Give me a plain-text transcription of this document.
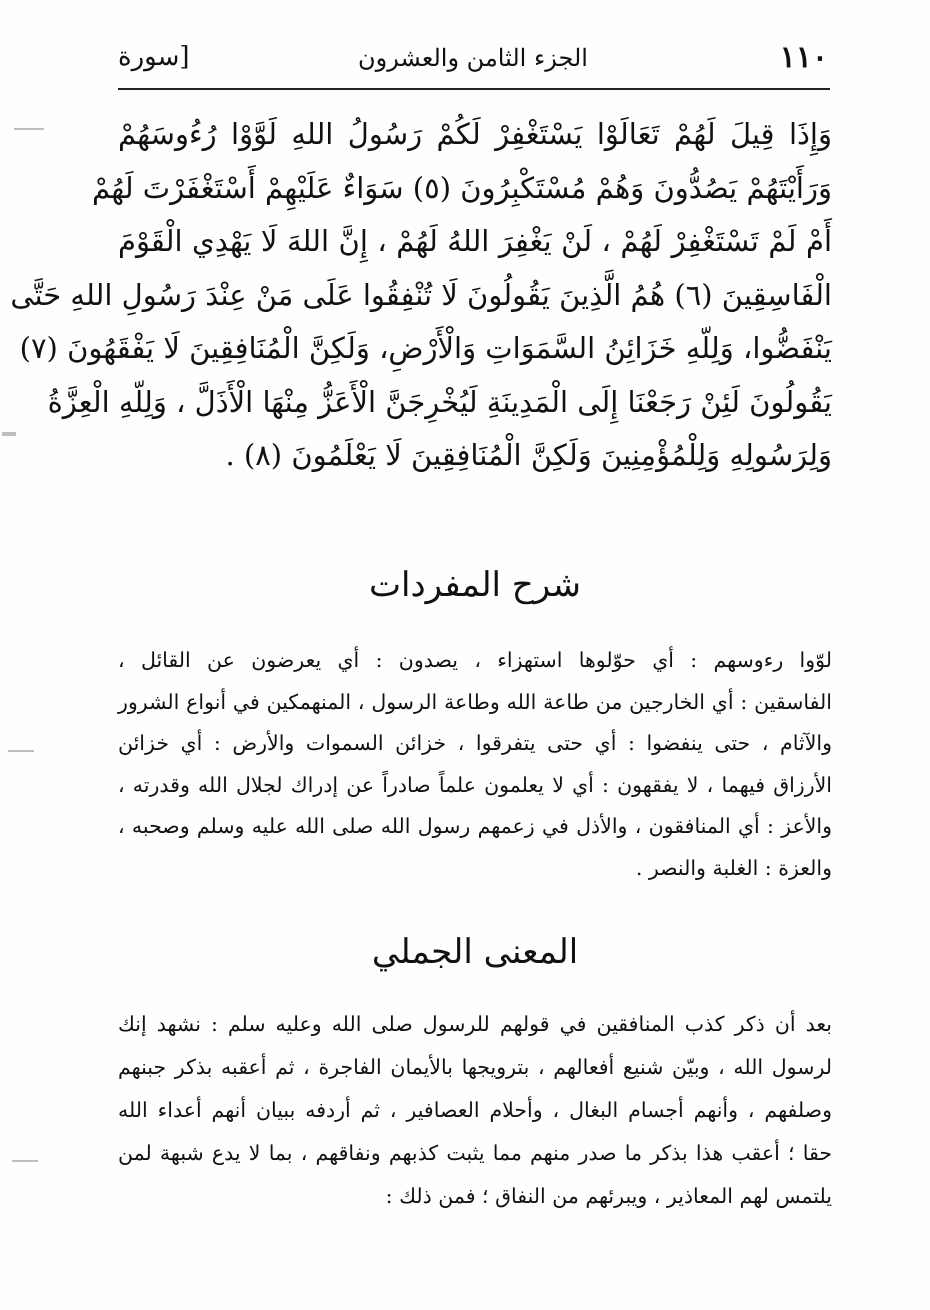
١١٠
الجزء الثامن والعشرون
[سورة
وَإِذَا قِيلَ لَهُمْ تَعَالَوْا يَسْتَغْفِرْ لَكُمْ رَسُولُ اللهِ لَوَّوْا رُءُوسَهُمْ
وَرَأَيْتَهُمْ يَصُدُّونَ وَهُمْ مُسْتَكْبِرُونَ (٥) سَوَاءٌ عَلَيْهِمْ أَسْتَغْفَرْتَ لَهُمْ
أَمْ لَمْ تَسْتَغْفِرْ لَهُمْ ، لَنْ يَغْفِرَ اللهُ لَهُمْ ، إِنَّ اللهَ لَا يَهْدِي الْقَوْمَ
الْفَاسِقِينَ (٦) هُمُ الَّذِينَ يَقُولُونَ لَا تُنْفِقُوا عَلَى مَنْ عِنْدَ رَسُولِ اللهِ حَتَّى
يَنْفَضُّوا، وَلِلّهِ خَزَائِنُ السَّمَوَاتِ وَالْأَرْضِ، وَلَكِنَّ الْمُنَافِقِينَ لَا يَفْقَهُونَ (٧)
يَقُولُونَ لَئِنْ رَجَعْنَا إِلَى الْمَدِينَةِ لَيُخْرِجَنَّ الْأَعَزُّ مِنْهَا الْأَذَلَّ ، وَلِلّهِ الْعِزَّةُ
وَلِرَسُولِهِ وَلِلْمُؤْمِنِينَ وَلَكِنَّ الْمُنَافِقِينَ لَا يَعْلَمُونَ (٨) .
شرح المفردات
لوّوا رءوسهم : أي حوّلوها استهزاء ، يصدون : أي يعرضون عن القائل ،
الفاسقين : أي الخارجين من طاعة الله وطاعة الرسول ، المنهمكين في أنواع الشرور
والآثام ، حتى ينفضوا : أي حتى يتفرقوا ، خزائن السموات والأرض : أي خزائن
الأرزاق فيهما ، لا يفقهون : أي لا يعلمون علماً صادراً عن إدراك لجلال الله وقدرته ،
والأعز : أي المنافقون ، والأذل في زعمهم رسول الله صلى الله عليه وسلم وصحبه ،
والعزة : الغلبة والنصر .
المعنى الجملي
بعد أن ذكر كذب المنافقين في قولهم للرسول صلى الله وعليه سلم : نشهد إنك
لرسول الله ، وبيّن شنيع أفعالهم ، بترويجها بالأيمان الفاجرة ، ثم أعقبه بذكر جبنهم
وصلفهم ، وأنهم أجسام البغال ، وأحلام العصافير ، ثم أردفه ببيان أنهم أعداء الله
حقا ؛ أعقب هذا بذكر ما صدر منهم مما يثبت كذبهم ونفاقهم ، بما لا يدع شبهة لمن
يلتمس لهم المعاذير ، ويبرئهم من النفاق ؛ فمن ذلك :
